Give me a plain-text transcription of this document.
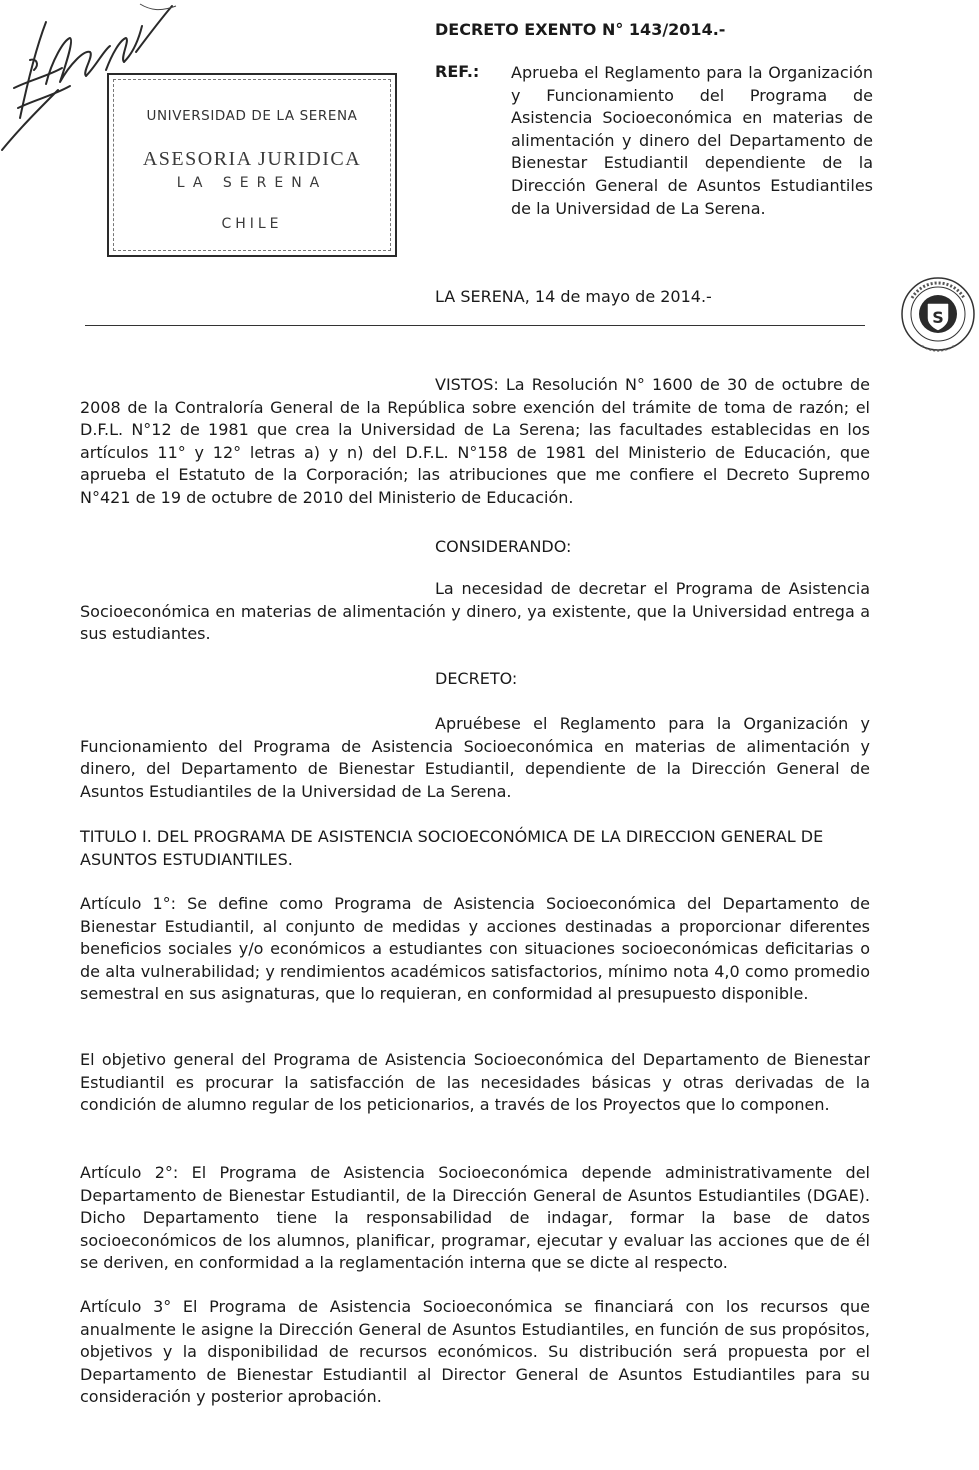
UNIVERSIDAD DE LA SERENA
ASESORIA JURIDICA
LA SERENA
CHILE
DECRETO EXENTO N° 143/2014.-
REF.: Aprueba el Reglamento para la Organización y Funcionamiento del Programa de Asistencia Socioeconómica en materias de alimentación y dinero del Departamento de Bienestar Estudiantil dependiente de la Dirección General de Asuntos Estudiantiles de la Universidad de La Serena.
LA SERENA, 14 de mayo de 2014.-
S
VISTOS: La Resolución N° 1600 de 30 de octubre de 2008 de la Contraloría General de la República sobre exención del trámite de toma de razón; el D.F.L. N°12 de 1981 que crea la Universidad de La Serena; las facultades establecidas en los artículos 11° y 12° letras a) y n) del D.F.L. N°158 de 1981 del Ministerio de Educación, que aprueba el Estatuto de la Corporación; las atribuciones que me confiere el Decreto Supremo N°421 de 19 de octubre de 2010 del Ministerio de Educación.
CONSIDERANDO:
La necesidad de decretar el Programa de Asistencia Socioeconómica en materias de alimentación y dinero, ya existente, que la Universidad entrega a sus estudiantes.
DECRETO:
Apruébese el Reglamento para la Organización y Funcionamiento del Programa de Asistencia Socioeconómica en materias de alimentación y dinero, del Departamento de Bienestar Estudiantil, dependiente de la Dirección General de Asuntos Estudiantiles de la Universidad de La Serena.
TITULO I. DEL PROGRAMA DE ASISTENCIA SOCIOECONÓMICA DE LA DIRECCION GENERAL DE ASUNTOS ESTUDIANTILES.
Artículo 1°: Se define como Programa de Asistencia Socioeconómica del Departamento de Bienestar Estudiantil, al conjunto de medidas y acciones destinadas a proporcionar diferentes beneficios sociales y/o económicos a estudiantes con situaciones socioeconómicas deficitarias o de alta vulnerabilidad; y rendimientos académicos satisfactorios, mínimo nota 4,0 como promedio semestral en sus asignaturas, que lo requieran, en conformidad al presupuesto disponible.
El objetivo general del Programa de Asistencia Socioeconómica del Departamento de Bienestar Estudiantil es procurar la satisfacción de las necesidades básicas y otras derivadas de la condición de alumno regular de los peticionarios, a través de los Proyectos que lo componen.
Artículo 2°: El Programa de Asistencia Socioeconómica depende administrativamente del Departamento de Bienestar Estudiantil, de la Dirección General de Asuntos Estudiantiles (DGAE). Dicho Departamento tiene la responsabilidad de indagar, formar la base de datos socioeconómicos de los alumnos, planificar, programar, ejecutar y evaluar las acciones que de él se deriven, en conformidad a la reglamentación interna que se dicte al respecto.
Artículo 3° El Programa de Asistencia Socioeconómica se financiará con los recursos que anualmente le asigne la Dirección General de Asuntos Estudiantiles, en función de sus propósitos, objetivos y la disponibilidad de recursos económicos. Su distribución será propuesta por el Departamento de Bienestar Estudiantil al Director General de Asuntos Estudiantiles para su consideración y posterior aprobación.
